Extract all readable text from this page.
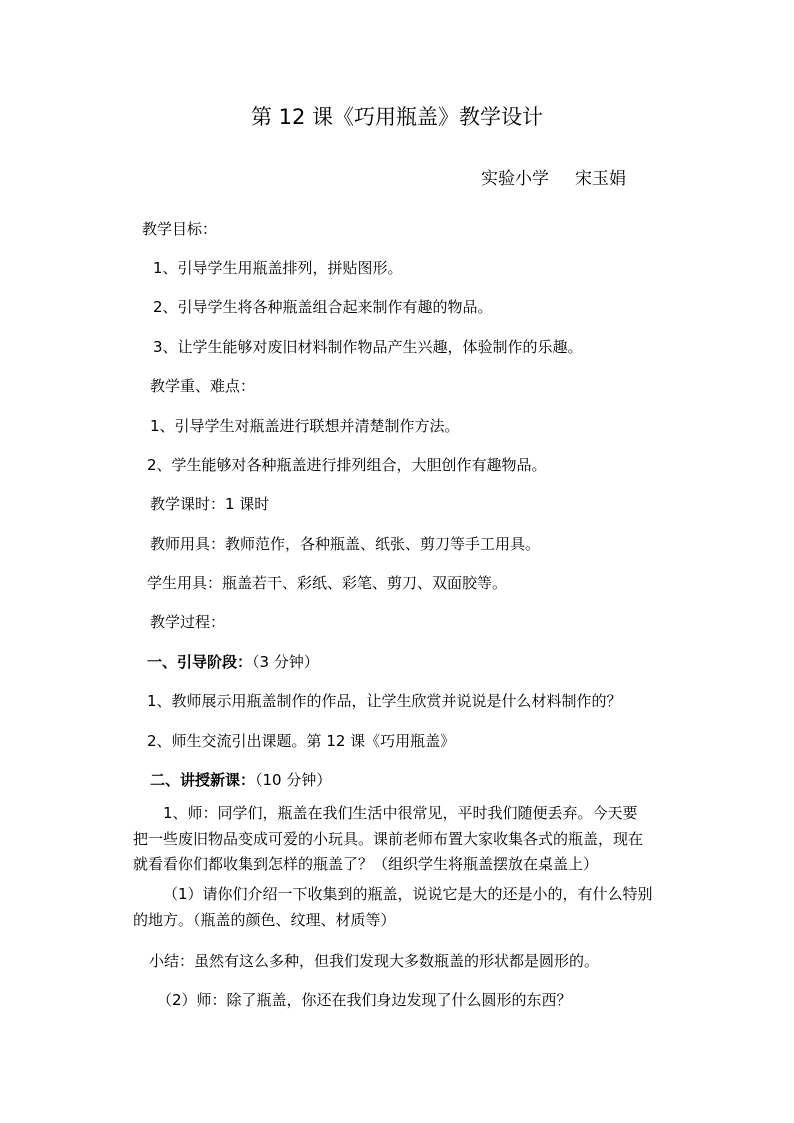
第 12 课《巧用瓶盖》教学设计
实验小学 宋玉娟
教学目标：
1、引导学生用瓶盖排列，拼贴图形。
2、引导学生将各种瓶盖组合起来制作有趣的物品。
3、让学生能够对废旧材料制作物品产生兴趣，体验制作的乐趣。
教学重、难点：
1、引导学生对瓶盖进行联想并清楚制作方法。
2、学生能够对各种瓶盖进行排列组合，大胆创作有趣物品。
教学课时：1 课时
教师用具：教师范作，各种瓶盖、纸张、剪刀等手工用具。
学生用具：瓶盖若干、彩纸、彩笔、剪刀、双面胶等。
教学过程：
一、引导阶段：（3 分钟）
1、教师展示用瓶盖制作的作品，让学生欣赏并说说是什么材料制作的？
2、师生交流引出课题。第 12 课《巧用瓶盖》
二、讲授新课：（10 分钟）
1、师：同学们，瓶盖在我们生活中很常见，平时我们随便丢弃。今天要
把一些废旧物品变成可爱的小玩具。课前老师布置大家收集各式的瓶盖，现在
就看看你们都收集到怎样的瓶盖了？（组织学生将瓶盖摆放在桌盖上）
（1）请你们介绍一下收集到的瓶盖，说说它是大的还是小的，有什么特别
的地方。（瓶盖的颜色、纹理、材质等）
小结：虽然有这么多种，但我们发现大多数瓶盖的形状都是圆形的。
（2）师：除了瓶盖，你还在我们身边发现了什么圆形的东西？
